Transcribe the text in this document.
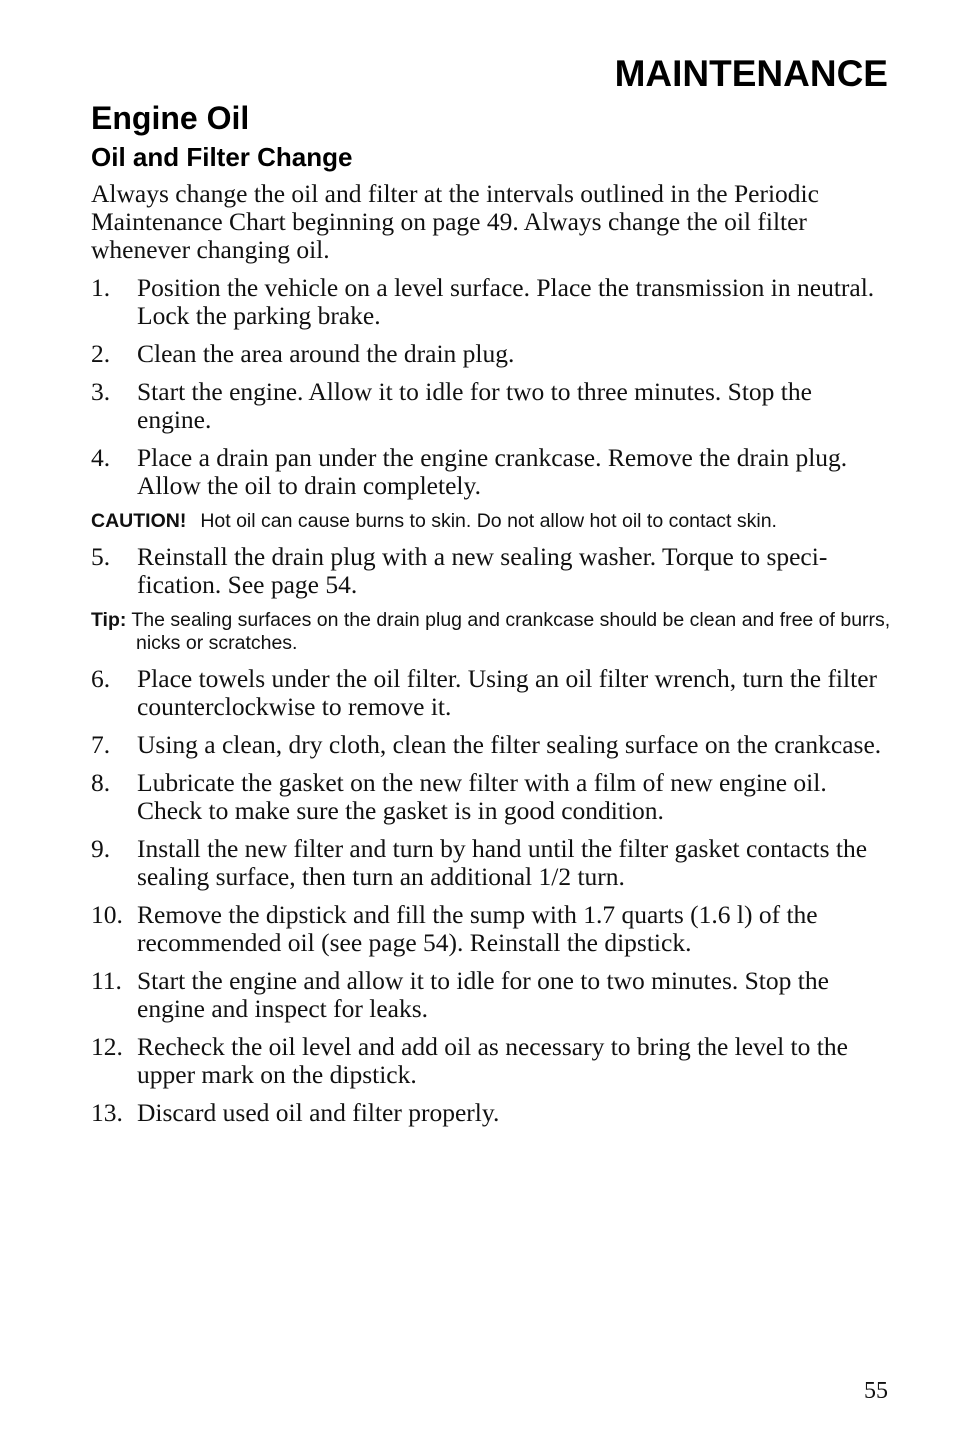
MAINTENANCE
Engine Oil
Oil and Filter Change

Always change the oil and filter at the intervals outlined in the Periodic Maintenance Chart beginning on page 49. Always change the oil filter whenever changing oil.

1.	Position the vehicle on a level surface. Place the transmission in neutral. Lock the parking brake.
2.	Clean the area around the drain plug.
3.	Start the engine. Allow it to idle for two to three minutes. Stop the engine.
4.	Place a drain pan under the engine crankcase. Remove the drain plug. Allow the oil to drain completely.

CAUTION! Hot oil can cause burns to skin. Do not allow hot oil to contact skin.

5.	Reinstall the drain plug with a new sealing washer. Torque to speci-fication. See page 54.

Tip: The sealing surfaces on the drain plug and crankcase should be clean and free of burrs, nicks or scratches.

6.	Place towels under the oil filter. Using an oil filter wrench, turn the filter counterclockwise to remove it.
7.	Using a clean, dry cloth, clean the filter sealing surface on the crankcase.
8.	Lubricate the gasket on the new filter with a film of new engine oil. Check to make sure the gasket is in good condition.
9.	Install the new filter and turn by hand until the filter gasket contacts the sealing surface, then turn an additional 1/2 turn.
10. Remove the dipstick and fill the sump with 1.7 quarts (1.6 l) of the recommended oil (see page 54). Reinstall the dipstick.
11. Start the engine and allow it to idle for one to two minutes. Stop the engine and inspect for leaks.
12. Recheck the oil level and add oil as necessary to bring the level to the upper mark on the dipstick.
13. Discard used oil and filter properly.
55
